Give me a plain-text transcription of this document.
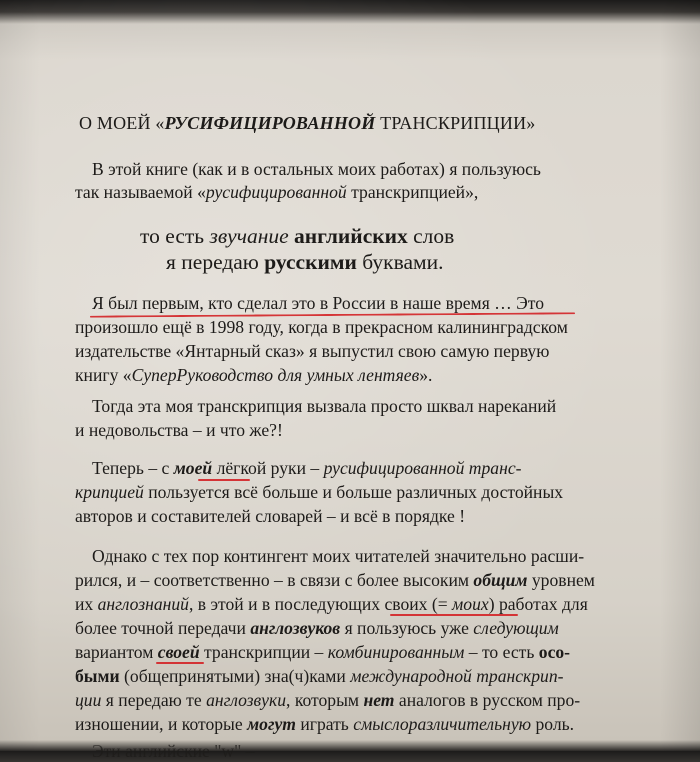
О МОЕЙ «РУСИФИЦИРОВАННОЙ ТРАНСКРИПЦИИ»
В этой книге (как и в остальных моих работах) я пользуюсь
так называемой «русифицированной транскрипцией»,
то есть звучание английских слов
я передаю русскими буквами.
Я был первым, кто сделал это в России в наше время … Это
произошло ещё в 1998 году, когда в прекрасном калининградском
издательстве «Янтарный сказ» я выпустил свою самую первую
книгу «СуперРуководство для умных лентяев».
Тогда эта моя транскрипция вызвала просто шквал нареканий
и недовольства – и что же?!
Теперь – с моей лёгкой руки – русифицированной транс-
крипцией пользуется всё больше и больше различных достойных
авторов и составителей словарей – и всё в порядке !
Однако с тех пор контингент моих читателей значительно расши-
рился, и – соответственно – в связи с более высоким общим уровнем
их англознаний, в этой и в последующих своих (= моих) работах для
более точной передачи англозвуков я пользуюсь уже следующим
вариантом своей транскрипции – комбинированным – то есть осо-
быми (общепринятыми) зна(ч)ками международной транскрип-
ции я передаю те англозвуки, которым нет аналогов в русском про-
изношении, и которые могут играть смыслоразличительную роль.
Эти английские "w" –
